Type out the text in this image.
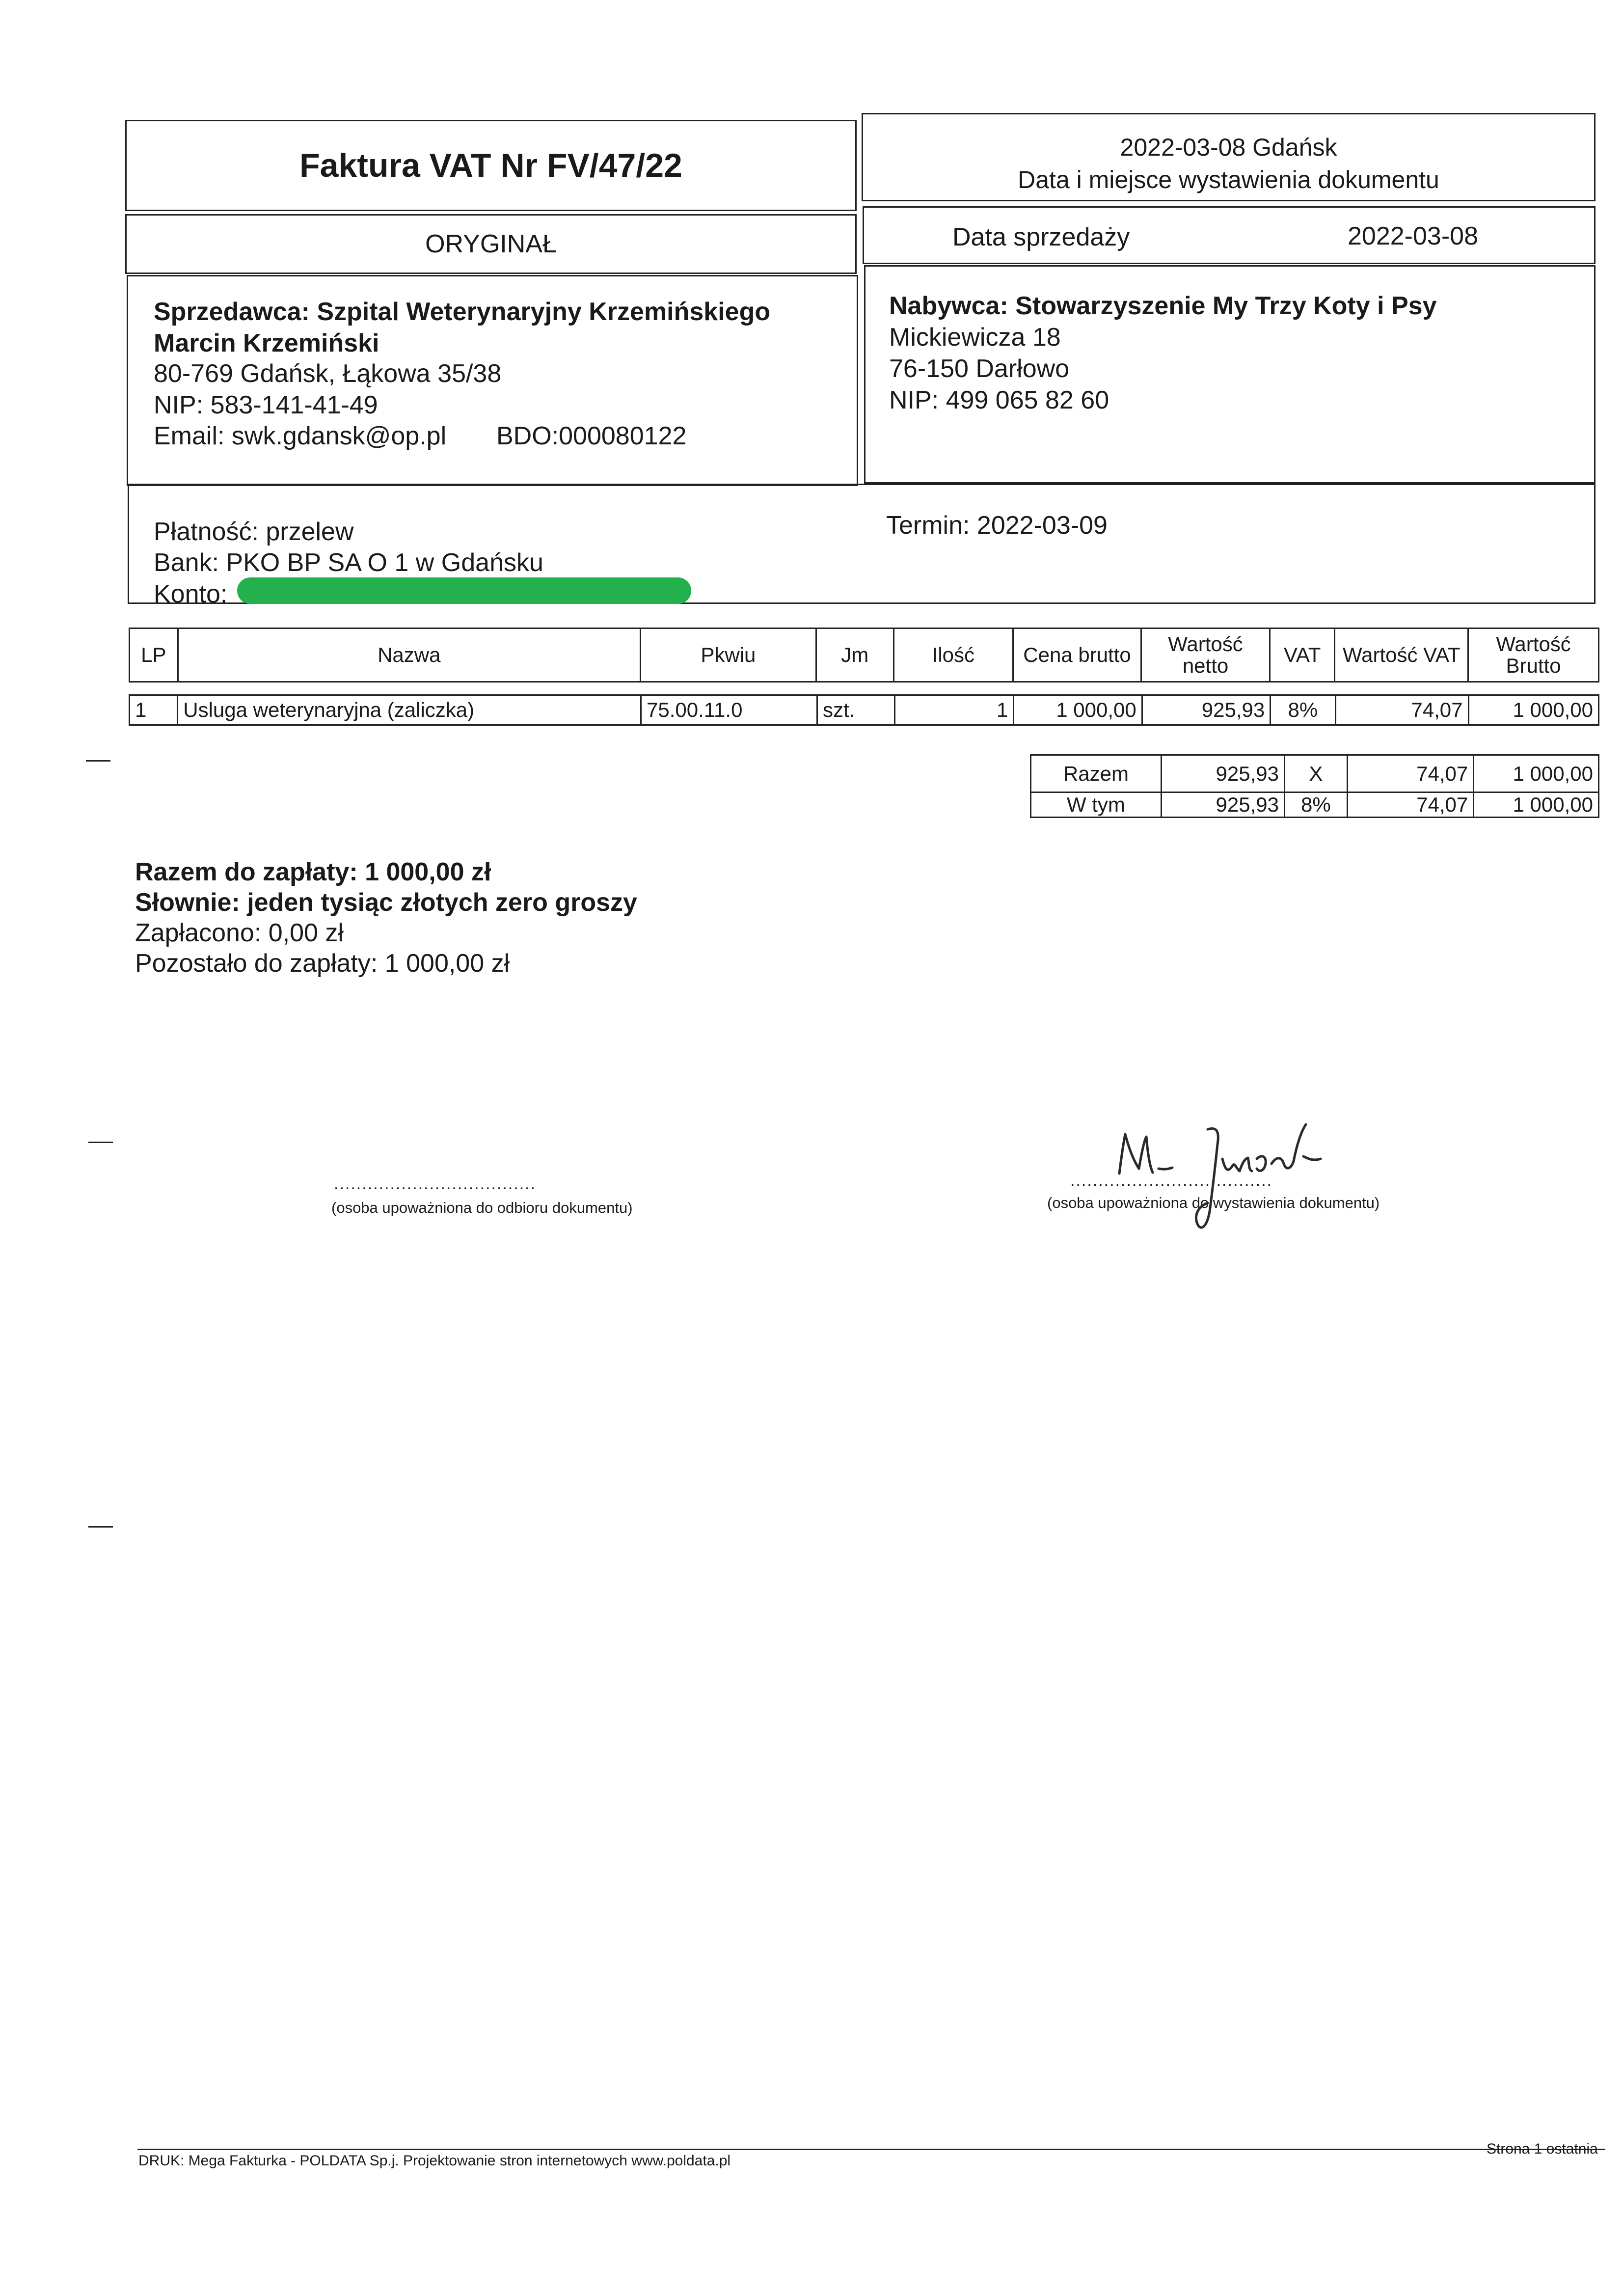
Faktura VAT Nr FV/47/22	2022-03-08 Gdańsk
Data i miejsce wystawienia dokumentu
ORYGINAŁ	Data sprzedaży	2022-03-08
Sprzedawca: Szpital Weterynaryjny Krzemińskiego
Marcin Krzemiński
80-769 Gdańsk, Łąkowa 35/38
NIP: 583-141-41-49
Email: swk.gdansk@op.pl BDO:000080122
Nabywca: Stowarzyszenie My Trzy Koty i Psy
Mickiewicza 18
76-150 Darłowo
NIP: 499 065 82 60
Płatność: przelew
Bank: PKO BP SA O 1 w Gdańsku
Konto:
Termin: 2022-03-09
LP	Nazwa	Pkwiu	Jm	Ilość	Cena brutto	Wartość netto	VAT	Wartość VAT	Wartość Brutto
1	Usluga weterynaryjna (zaliczka)	75.00.11.0	szt.	1	1 000,00	925,93	8%	74,07	1 000,00
Razem	925,93	X	74,07	1 000,00
W tym	925,93	8%	74,07	1 000,00
Razem do zapłaty: 1 000,00 zł
Słownie: jeden tysiąc złotych zero groszy
Zapłacono: 0,00 zł
Pozostało do zapłaty: 1 000,00 zł
....................................
(osoba upoważniona do odbioru dokumentu)
....................................
(osoba upoważniona do wystawienia dokumentu)
DRUK: Mega Fakturka - POLDATA Sp.j. Projektowanie stron internetowych www.poldata.pl
Strona 1 ostatnia
